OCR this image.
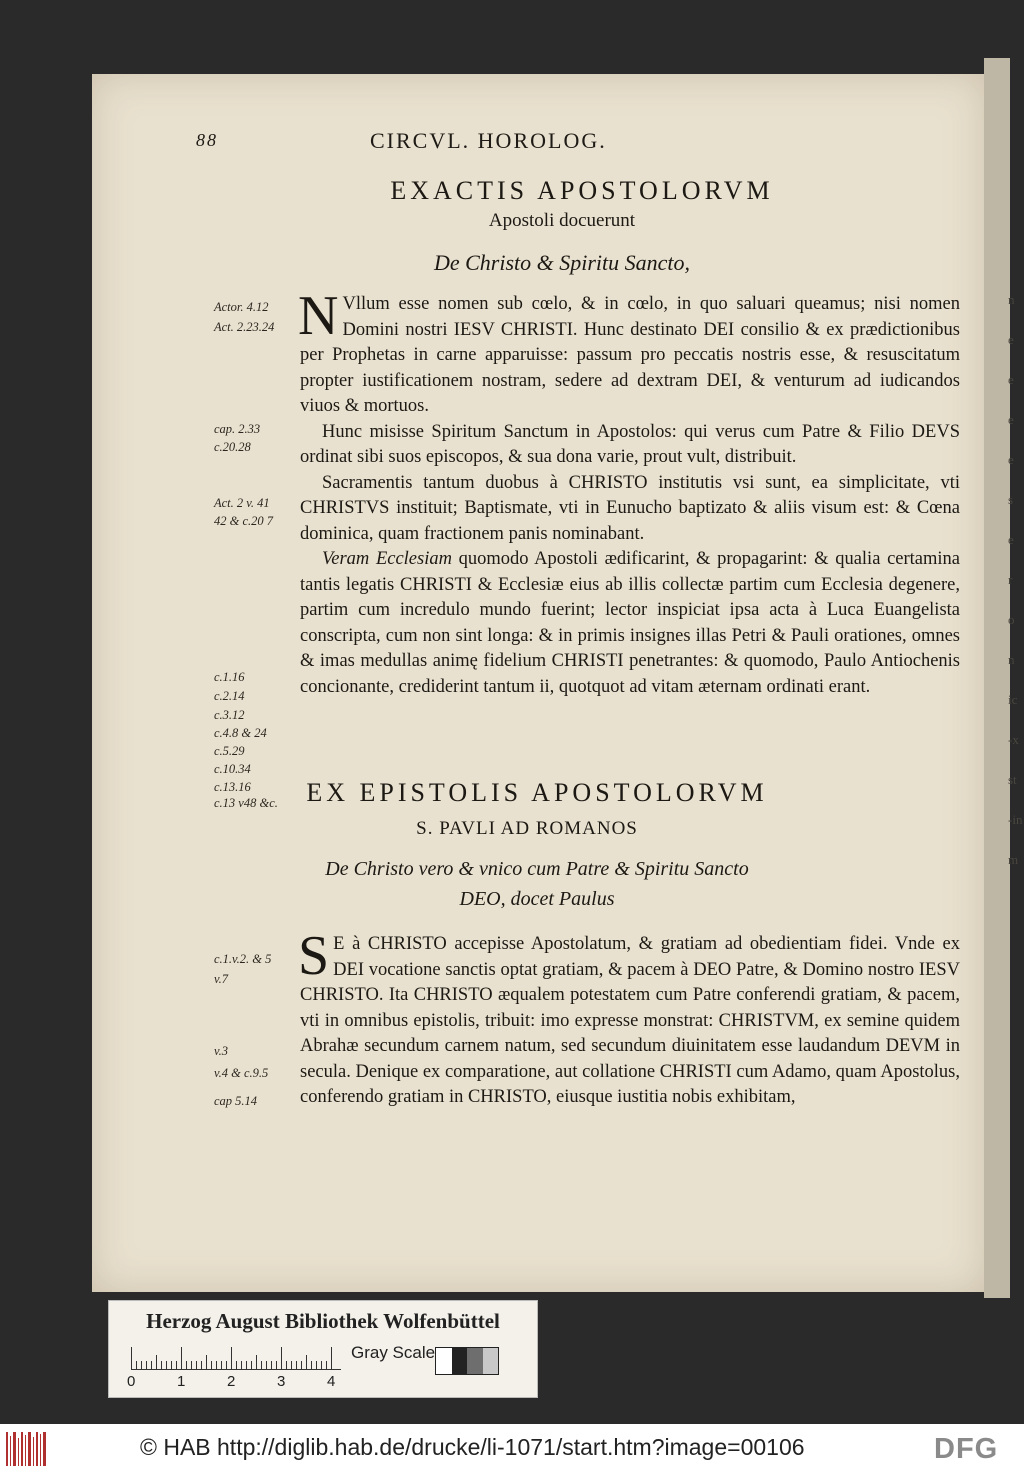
n
e
e
e
e
s
e
r
o
n
ic
-x
st
-in
m
88	CIRCVL. HOROLOG.
EXACTIS APOSTOLORVM
Apostoli docuerunt
De Christo & Spiritu Sancto,

N Vllum esse nomen sub cœlo, & in cœlo, in quo saluari queamus; nisi nomen Domini nostri IESV CHRISTI. Hunc destinato DEI consilio & ex prædictionibus per Prophetas in carne apparuisse: passum pro peccatis nostris esse, & resuscitatum propter iustificationem nostram, sedere ad dextram DEI, & venturum ad iudicandos viuos & mortuos.

Hunc misisse Spiritum Sanctum in Apostolos: qui verus cum Patre & Filio DEVS ordinat sibi suos episcopos, & sua dona varie, prout vult, distribuit.

Sacramentis tantum duobus à CHRISTO institutis vsi sunt, ea simplicitate, vti CHRISTVS instituit; Baptismate, vti in Eunucho baptizato & aliis visum est: & Cœna dominica, quam fractionem panis nominabant.

Veram Ecclesiam quomodo Apostoli ædificarint, & propagarint: & qualia certamina tantis legatis CHRISTI & Ecclesiæ eius ab illis collectæ partim cum Ecclesia degenere, partim cum incredulo mundo fuerint; lector inspiciat ipsa acta à Luca Euangelista conscripta, cum non sint longa: & in primis insignes illas Petri & Pauli orationes, omnes & imas medullas animę fidelium CHRISTI penetrantes: & quomodo, Paulo Antiochenis concionante, crediderint tantum ii, quotquot ad vitam æternam ordinati erant.

EX EPISTOLIS APOSTOLORVM
S. PAVLI AD ROMANOS
De Christo vero & vnico cum Patre & Spiritu Sancto
DEO, docet Paulus

S E à CHRISTO accepisse Apostolatum, & gratiam ad obedientiam fidei. Vnde ex DEI vocatione sanctis optat gratiam, & pacem à DEO Patre, & Domino nostro IESV CHRISTO. Ita CHRISTO æqualem potestatem cum Patre conferendi gratiam, & pacem, vti in omnibus epistolis, tribuit: imo expresse monstrat: CHRISTVM, ex semine quidem Abrahæ secundum carnem natum, sed secundum diuinitatem esse laudandum DEVM in secula. Denique ex comparatione, aut collatione CHRISTI cum Adamo, quam Apostolus, conferendo gratiam in CHRISTO, eiusque iustitia nobis exhibitam,

Actor. 4.12
Act. 2.23.24
cap. 2.33
c.20.28
Act. 2 v. 41
42 & c.20 7
c.1.16
c.2.14
c.3.12
c.4.8 & 24
c.5.29
c.10.34
c.13.16
c.13 v48 &c.
c.1.v.2. & 5
v.7
v.3
v.4 & c.9.5
cap 5.14
Herzog August Bibliothek Wolfenbüttel
0	1	2	3	4
Gray Scale
© HAB http://diglib.hab.de/drucke/li-1071/start.htm?image=00106	DFG
